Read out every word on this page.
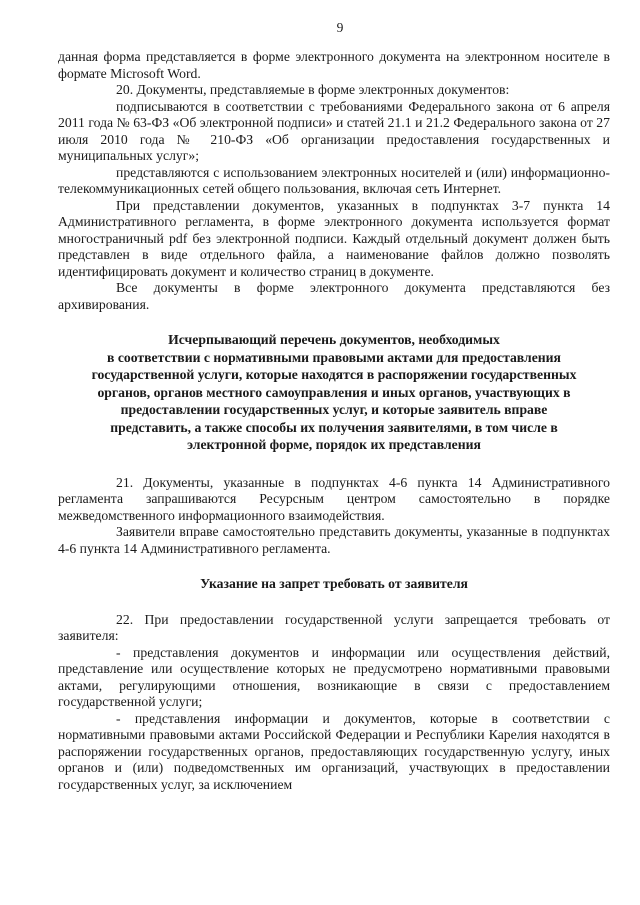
9

данная форма представляется в форме электронного документа на электронном носителе в формате Microsoft Word.

20. Документы, представляемые в форме электронных документов:

подписываются в соответствии с требованиями Федерального закона от 6 апреля 2011 года № 63-ФЗ «Об электронной подписи» и статей 21.1 и 21.2 Федерального закона от 27 июля 2010 года № 210-ФЗ «Об организации предоставления государственных и муниципальных услуг»;

представляются с использованием электронных носителей и (или) информационно-телекоммуникационных сетей общего пользования, включая сеть Интернет.

При представлении документов, указанных в подпунктах 3-7 пункта 14 Административного регламента, в форме электронного документа используется формат многостраничный pdf без электронной подписи. Каждый отдельный документ должен быть представлен в виде отдельного файла, а наименование файлов должно позволять идентифицировать документ и количество страниц в документе.

Все документы в форме электронного документа представляются без архивирования.

Исчерпывающий перечень документов, необходимых
в соответствии с нормативными правовыми актами для предоставления
государственной услуги, которые находятся в распоряжении государственных
органов, органов местного самоуправления и иных органов, участвующих в
предоставлении государственных услуг, и которые заявитель вправе
представить, а также способы их получения заявителями, в том числе в
электронной форме, порядок их представления

21. Документы, указанные в подпунктах 4-6 пункта 14 Административного регламента запрашиваются Ресурсным центром самостоятельно в порядке межведомственного информационного взаимодействия.

Заявители вправе самостоятельно представить документы, указанные в подпунктах 4-6 пункта 14 Административного регламента.

Указание на запрет требовать от заявителя

22. При предоставлении государственной услуги запрещается требовать от заявителя:

- представления документов и информации или осуществления действий, представление или осуществление которых не предусмотрено нормативными правовыми актами, регулирующими отношения, возникающие в связи с предоставлением государственной услуги;

- представления информации и документов, которые в соответствии с нормативными правовыми актами Российской Федерации и Республики Карелия находятся в распоряжении государственных органов, предоставляющих государственную услугу, иных органов и (или) подведомственных им организаций, участвующих в предоставлении государственных услуг, за исключением
